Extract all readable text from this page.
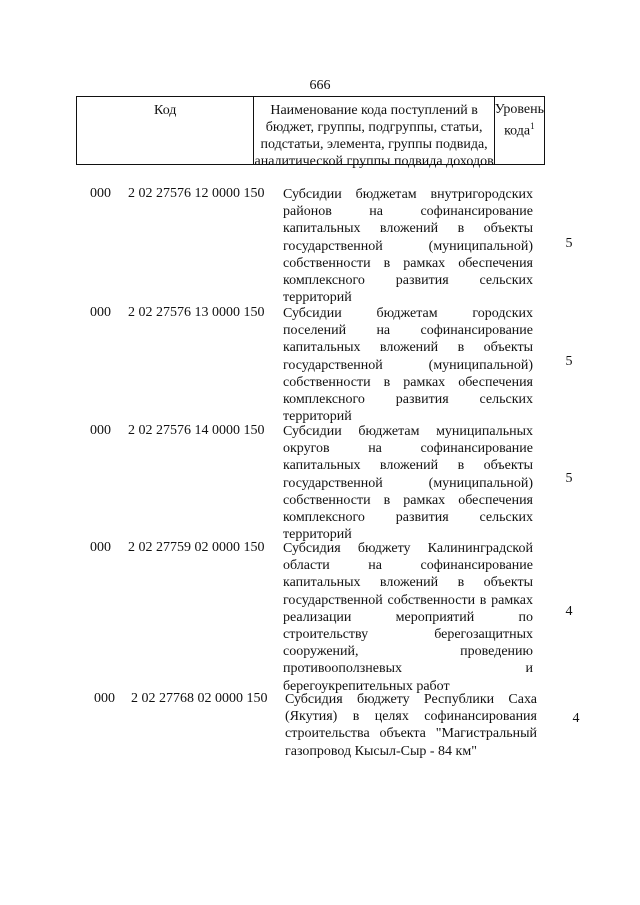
666
Код	Наименование кода поступлений в
бюджет, группы, подгруппы, статьи,
подстатьи, элемента, группы подвида,
аналитической группы подвида доходов
Уровень
кода$^1$
000 2 02 27576 12 0000 150 Субсидии бюджетам внутригородских районов на софинансирование капитальных вложений в объекты государственной (муниципальной) собственности в рамках обеспечения комплексного развития сельских территорий
5
000 2 02 27576 13 0000 150 Субсидии бюджетам городских поселений на софинансирование капитальных вложений в объекты государственной (муниципальной) собственности в рамках обеспечения комплексного развития сельских территорий
5
000 2 02 27576 14 0000 150 Субсидии бюджетам муниципальных округов на софинансирование капитальных вложений в объекты государственной (муниципальной) собственности в рамках обеспечения комплексного развития сельских территорий
5
000 2 02 27759 02 0000 150 Субсидия бюджету Калининградской области на софинансирование капитальных вложений в объекты государственной собственности в рамках реализации мероприятий по строительству берегозащитных сооружений, проведению противооползневых и берегоукрепительных работ
4
000 2 02 27768 02 0000 150 Субсидия бюджету Республики Саха (Якутия) в целях софинансирования строительства объекта "Магистральный газопровод Кысыл-Сыр - 84 км"
4
